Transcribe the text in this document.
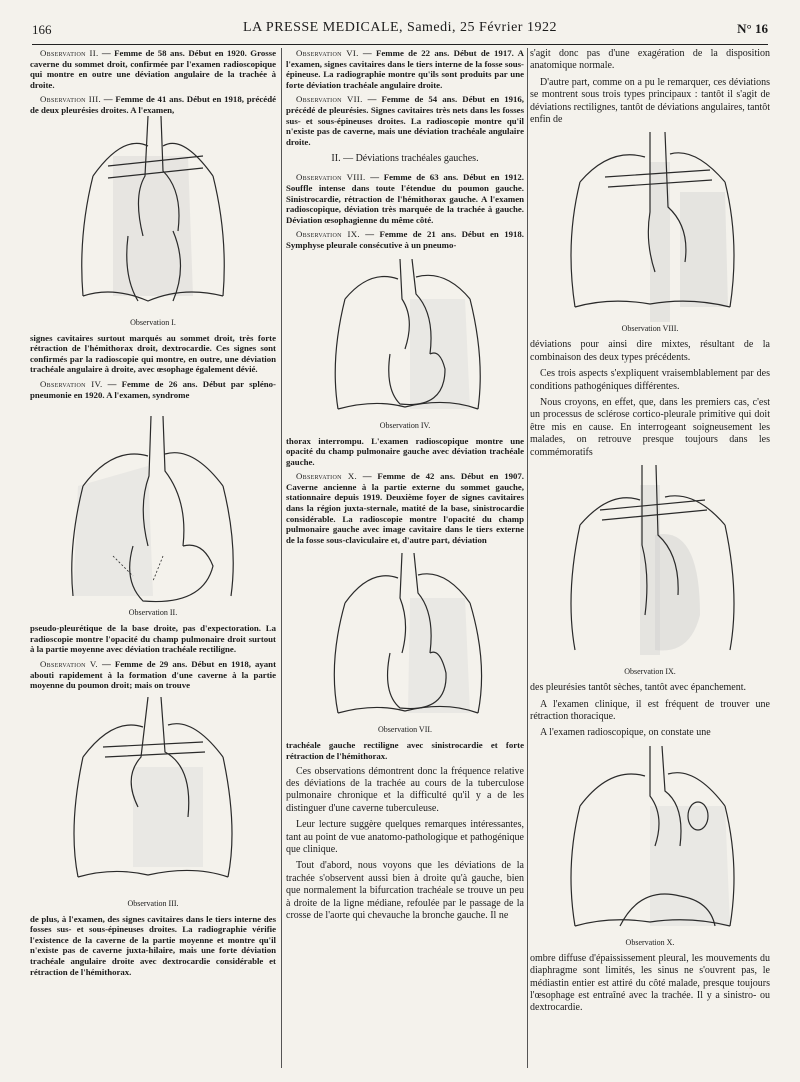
166	LA PRESSE MEDICALE, Samedi, 25 Février 1922	N° 16

Observation II. — Femme de 58 ans. Début en 1920. Grosse caverne du sommet droit, confirmée par l'examen radioscopique qui montre en outre une déviation angulaire de la trachée à droite.

Observation III. — Femme de 41 ans. Début en 1918, précédé de deux pleurésies droites. A l'examen,

Observation I.

signes cavitaires surtout marqués au sommet droit, très forte rétraction de l'hémithorax droit, dextrocardie. Ces signes sont confirmés par la radioscopie qui montre, en outre, une déviation trachéale angulaire à droite, avec œsophage également dévié.

Observation IV. — Femme de 26 ans. Début par spléno-pneumonie en 1920. A l'examen, syndrome

Observation II.

pseudo-pleurétique de la base droite, pas d'expectoration. La radioscopie montre l'opacité du champ pulmonaire droit surtout à la partie moyenne avec déviation trachéale rectiligne.

Observation V. — Femme de 29 ans. Début en 1918, ayant abouti rapidement à la formation d'une caverne à la partie moyenne du poumon droit; mais on trouve

Observation III.

de plus, à l'examen, des signes cavitaires dans le tiers interne des fosses sus- et sous-épineuses droites. La radiographie vérifie l'existence de la caverne de la partie moyenne et montre qu'il n'existe pas de caverne juxta-hilaire, mais une forte déviation trachéale angulaire droite avec dextrocardie considérable et rétraction de l'hémithorax.

Observation VI. — Femme de 22 ans. Début de 1917. A l'examen, signes cavitaires dans le tiers interne de la fosse sous-épineuse. La radiographie montre qu'ils sont produits par une forte déviation trachéale angulaire droite.

Observation VII. — Femme de 54 ans. Début en 1916, précédé de pleurésies. Signes cavitaires très nets dans les fosses sus- et sous-épineuses droites. La radioscopie montre qu'il n'existe pas de caverne, mais une déviation trachéale angulaire droite.

II. — Déviations trachéales gauches.

Observation VIII. — Femme de 63 ans. Début en 1912. Souffle intense dans toute l'étendue du poumon gauche. Sinistrocardie, rétraction de l'hémithorax gauche. A l'examen radioscopique, déviation très marquée de la trachée à gauche. Déviation œsophagienne du même côté.

Observation IX. — Femme de 21 ans. Début en 1918. Symphyse pleurale consécutive à un pneumo-

Observation IV.

thorax interrompu. L'examen radioscopique montre une opacité du champ pulmonaire gauche avec déviation trachéale gauche.

Observation X. — Femme de 42 ans. Début en 1907. Caverne ancienne à la partie externe du sommet gauche, stationnaire depuis 1919. Deuxième foyer de signes cavitaires dans la région juxta-sternale, matité de la base, sinistrocardie considérable. La radioscopie montre l'opacité du champ pulmonaire gauche avec image cavitaire dans le tiers externe de la fosse sous-claviculaire et, d'autre part, déviation

Observation VII.

trachéale gauche rectiligne avec sinistrocardie et forte rétraction de l'hémithorax.

Ces observations démontrent donc la fréquence relative des déviations de la trachée au cours de la tuberculose pulmonaire chronique et la difficulté qu'il y a de les distinguer d'une caverne tuberculeuse.

Leur lecture suggère quelques remarques intéressantes, tant au point de vue anatomo-pathologique et pathogénique que clinique.

Tout d'abord, nous voyons que les déviations de la trachée s'observent aussi bien à droite qu'à gauche, bien que normalement la bifurcation trachéale se trouve un peu à droite de la ligne médiane, refoulée par le passage de la crosse de l'aorte qui chevauche la bronche gauche. Il ne

s'agit donc pas d'une exagération de la disposition anatomique normale.

D'autre part, comme on a pu le remarquer, ces déviations se montrent sous trois types principaux : tantôt il s'agit de déviations rectilignes, tantôt de déviations angulaires, tantôt enfin de

Observation VIII.

déviations pour ainsi dire mixtes, résultant de la combinaison des deux types précédents.

Ces trois aspects s'expliquent vraisemblablement par des conditions pathogéniques différentes.

Nous croyons, en effet, que, dans les premiers cas, c'est un processus de sclérose cortico-pleurale primitive qui doit être mis en cause. En interrogeant soigneusement les malades, on retrouve presque toujours dans les commémoratifs

Observation IX.

des pleurésies tantôt sèches, tantôt avec épanchement.

A l'examen clinique, il est fréquent de trouver une rétraction thoracique.

A l'examen radioscopique, on constate une

Observation X.

ombre diffuse d'épaississement pleural, les mouvements du diaphragme sont limités, les sinus ne s'ouvrent pas, le médiastin entier est attiré du côté malade, presque toujours l'œsophage est entraîné avec la trachée. Il y a sinistro- ou dextrocardie.
